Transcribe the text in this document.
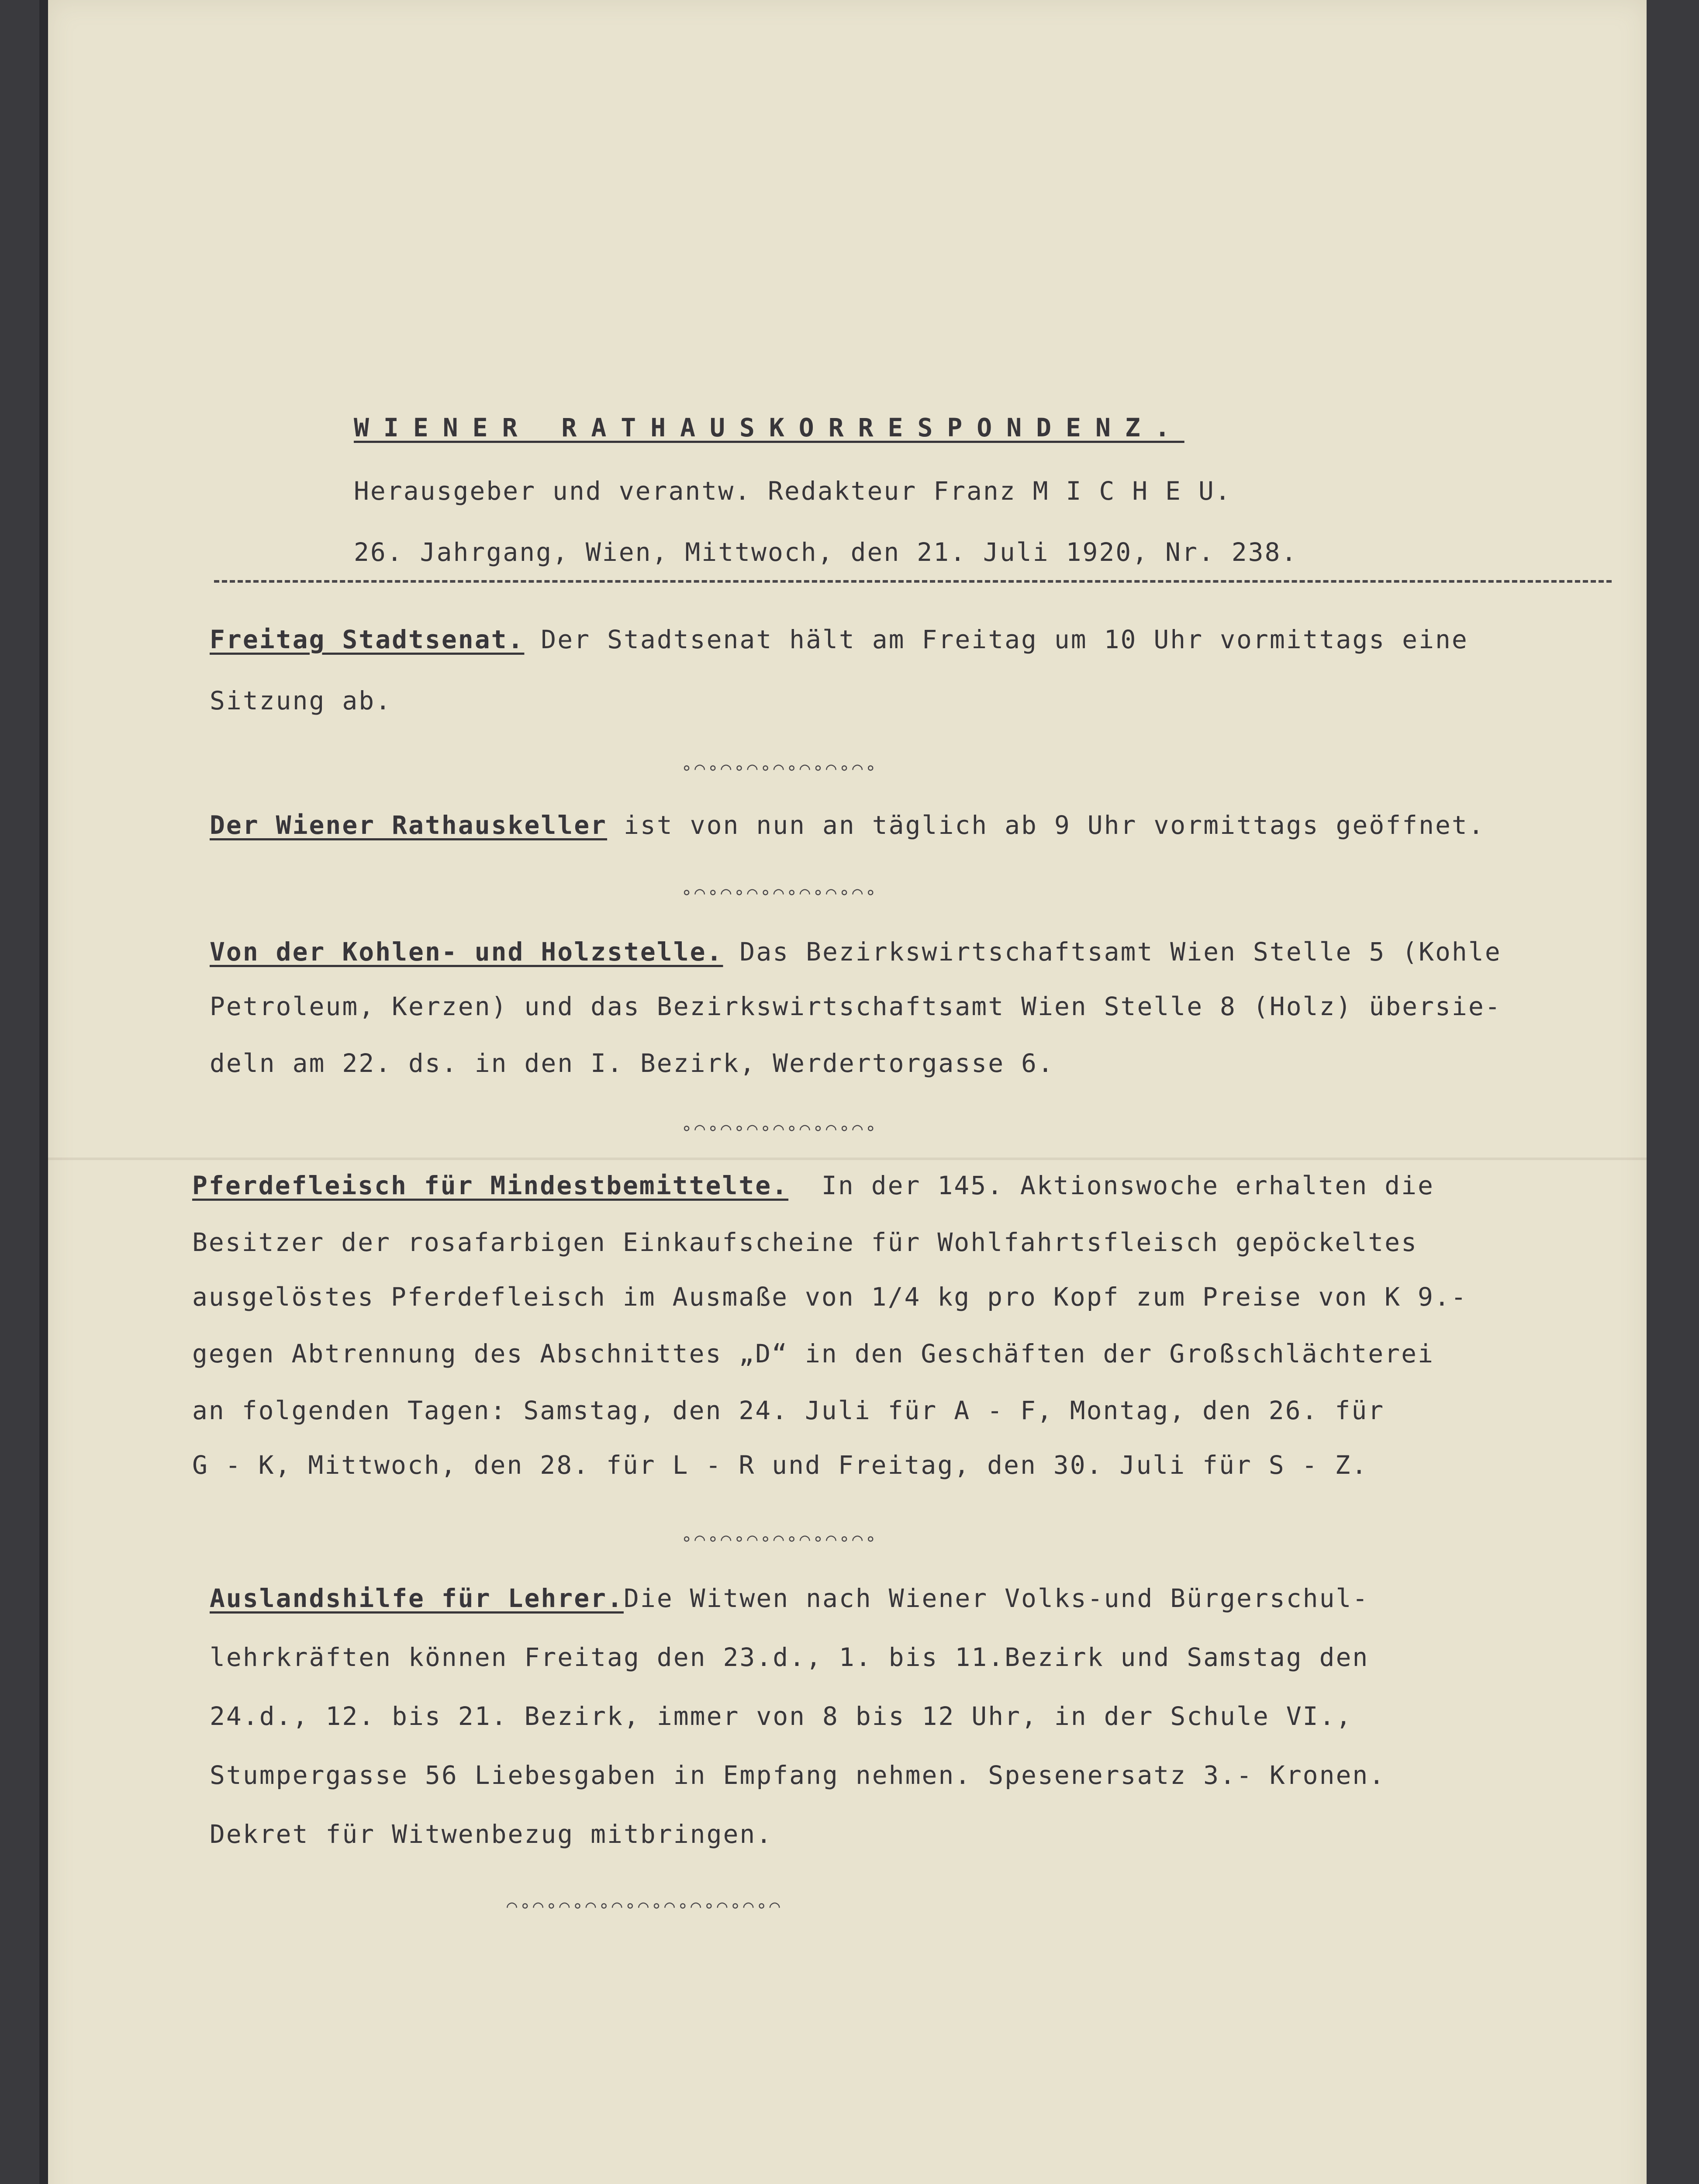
WIENER RATHAUSKORRESPONDENZ.
Herausgeber und verantw. Redakteur Franz M I C H E U.
26. Jahrgang, Wien, Mittwoch, den 21. Juli 1920, Nr. 238.
Freitag Stadtsenat. Der Stadtsenat hält am Freitag um 10 Uhr vormittags eine
Sitzung ab.
∘⌒∘⌒∘⌒∘⌒∘⌒∘⌒∘⌒∘
Der Wiener Rathauskeller ist von nun an täglich ab 9 Uhr vormittags geöffnet.
∘⌒∘⌒∘⌒∘⌒∘⌒∘⌒∘⌒∘
Von der Kohlen- und Holzstelle. Das Bezirkswirtschaftsamt Wien Stelle 5 (Kohle
Petroleum, Kerzen) und das Bezirkswirtschaftsamt Wien Stelle 8 (Holz) übersie-
deln am 22. ds. in den I. Bezirk, Werdertorgasse 6.
∘⌒∘⌒∘⌒∘⌒∘⌒∘⌒∘⌒∘
Pferdefleisch für Mindestbemittelte.  In der 145. Aktionswoche erhalten die
Besitzer der rosafarbigen Einkaufscheine für Wohlfahrtsfleisch gepöckeltes
ausgelöstes Pferdefleisch im Ausmaße von 1/4 kg pro Kopf zum Preise von K 9.-
gegen Abtrennung des Abschnittes „D“ in den Geschäften der Großschlächterei
an folgenden Tagen: Samstag, den 24. Juli für A - F, Montag, den 26. für
G - K, Mittwoch, den 28. für L - R und Freitag, den 30. Juli für S - Z.
∘⌒∘⌒∘⌒∘⌒∘⌒∘⌒∘⌒∘
Auslandshilfe für Lehrer.Die Witwen nach Wiener Volks-und Bürgerschul-
lehrkräften können Freitag den 23.d., 1. bis 11.Bezirk und Samstag den
24.d., 12. bis 21. Bezirk, immer von 8 bis 12 Uhr, in der Schule VI.,
Stumpergasse 56 Liebesgaben in Empfang nehmen. Spesenersatz 3.- Kronen.
Dekret für Witwenbezug mitbringen.
⌒∘⌒∘⌒∘⌒∘⌒∘⌒∘⌒∘⌒∘⌒∘⌒∘⌒
